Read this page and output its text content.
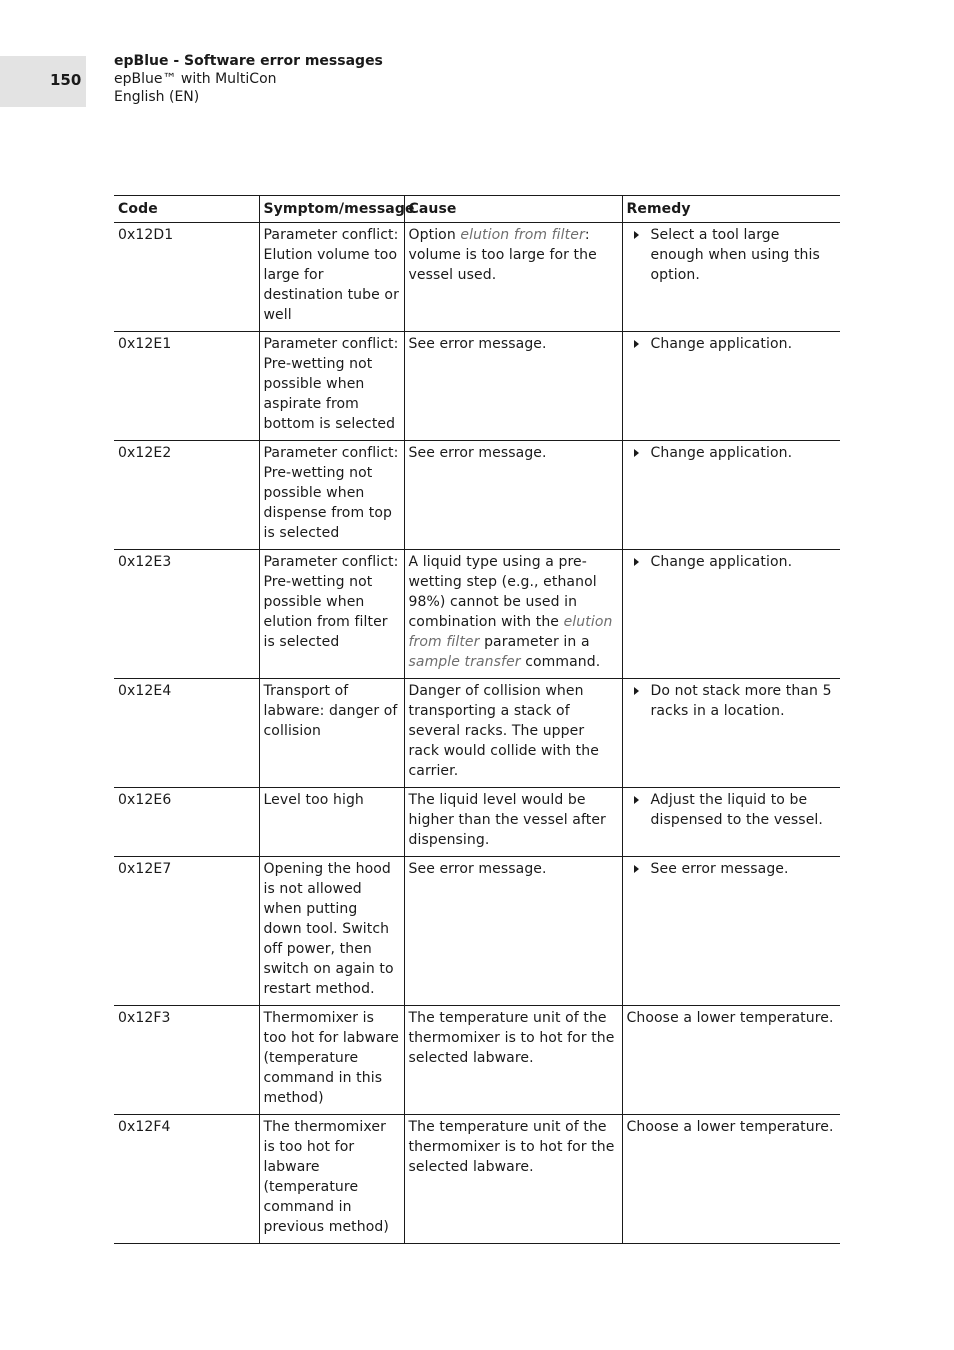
150
epBlue - Software error messages
epBlue™ with MultiCon
English (EN)
Code	Symptom/message	Cause	Remedy
0x12D1	Parameter conflict: Elution volume too large for destination tube or well	Option elution from filter: volume is too large for the vessel used.	Select a tool large enough when using this option.

0x12E1	Parameter conflict: Pre-wetting not possible when aspirate from bottom is selected	See error message.	Change application.

0x12E2	Parameter conflict: Pre-wetting not possible when dispense from top is selected	See error message.	Change application.

0x12E3	Parameter conflict: Pre-wetting not possible when elution from filter is selected	A liquid type using a pre-wetting step (e.g., ethanol 98%) cannot be used in combination with the elution from filter parameter in a sample transfer command.	Change application.

0x12E4	Transport of labware: danger of collision	Danger of collision when transporting a stack of several racks. The upper rack would collide with the carrier.	Do not stack more than 5 racks in a location.

0x12E6	Level too high	The liquid level would be higher than the vessel after dispensing.	Adjust the liquid to be dispensed to the vessel.

0x12E7	Opening the hood is not allowed when putting down tool. Switch off power, then switch on again to restart method.	See error message.	See error message.

0x12F3	Thermomixer is too hot for labware (temperature command in this method)	The temperature unit of the thermomixer is to hot for the selected labware.	Choose a lower temperature.
0x12F4	The thermomixer is too hot for labware (temperature command in previous method)	The temperature unit of the thermomixer is to hot for the selected labware.	Choose a lower temperature.
